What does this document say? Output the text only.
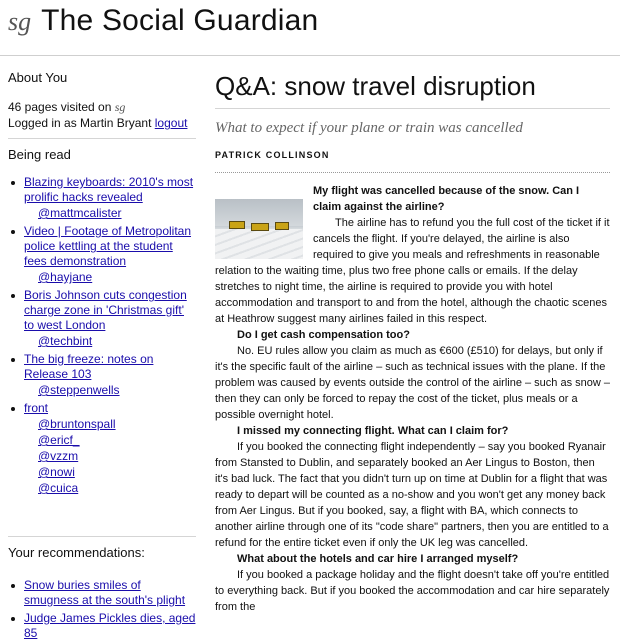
sg The Social Guardian
About You
46 pages visited on sg
Logged in as Martin Bryant logout
Being read
Blazing keyboards: 2010's most prolific hacks revealed
@mattmcalister
Video | Footage of Metropolitan police kettling at the student fees demonstration
@hayjane
Boris Johnson cuts congestion charge zone in 'Christmas gift' to west London
@techbint
The big freeze: notes on Release 103
@steppenwells
front
@bruntonspall
@ericf_
@vzzm
@nowi
@cuica
Your recommendations:
Snow buries smiles of smugness at the south's plight
Judge James Pickles dies, aged 85
Q&A: snow travel disruption
What to expect if your plane or train was cancelled
PATRICK COLLINSON

My flight was cancelled because of the snow. Can I claim against the airline?

The airline has to refund you the full cost of the ticket if it cancels the flight. If you're delayed, the airline is also required to give you meals and refreshments in reasonable relation to the waiting time, plus two free phone calls or emails. If the delay stretches to night time, the airline is required to provide you with hotel accommodation and transport to and from the hotel, although the chaotic scenes at Heathrow suggest many airlines failed in this respect.

Do I get cash compensation too?

No. EU rules allow you claim as much as €600 (£510) for delays, but only if it's the specific fault of the airline – such as technical issues with the plane. If the problem was caused by events outside the control of the airline – such as snow – then they can only be forced to repay the cost of the ticket, plus meals or a possible overnight hotel.

I missed my connecting flight. What can I claim for?

If you booked the connecting flight independently – say you booked Ryanair from Stansted to Dublin, and separately booked an Aer Lingus to Boston, then it's bad luck. The fact that you didn't turn up on time at Dublin for a flight that was ready to depart will be counted as a no-show and you won't get any money back from Aer Lingus. But if you booked, say, a flight with BA, which connects to another airline through one of its "code share" partners, then you are entitled to a refund for the entire ticket even if only the UK leg was cancelled.

What about the hotels and car hire I arranged myself?

If you booked a package holiday and the flight doesn't take off you're entitled to everything back. But if you booked the accommodation and car hire separately from the
